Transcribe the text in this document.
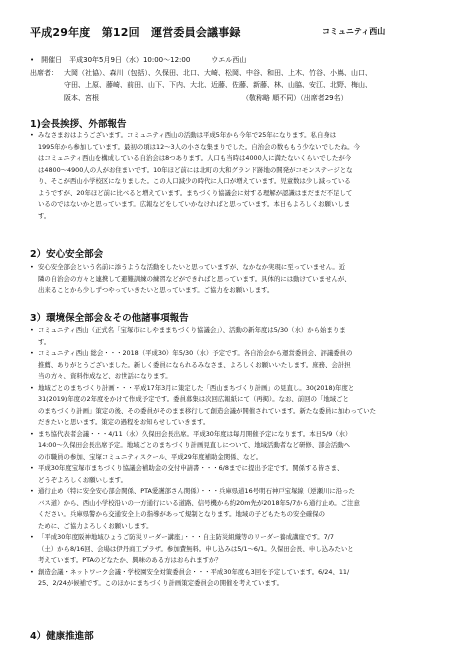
平成29年度　第12回　運営委員会議事録	コミュニティ西山
•　開催日　平成30年5月9日（水）10:00～12:00　　　ウエル西山
出席者： 大岡（社協）、森川（包括）、久保田、北口、大崎、松岡、中谷、和田、上木、竹谷、小嶌、山口、
守田、上原、藤崎、前田、山下、下内、大北、近藤、佐藤、新藤、林、山脇、安江、北野、梅山、
阪本、宮根	（敬称略 順不同）（出席者29名）
1)会長挨拶、外部報告
• みなさまおはようございます。コミュニティ西山の活動は平成5年から今年で25年になります。私自身は
1995年から参加しています。最初の頃は12～3人の小さな集まりでした。自治会の数ももう少ないでしたね。今
はコミュニティ西山を構成している自治会は8つあります。人口も当時は4000人に満たないくらいでしたが今
は4800～4900人の人がお住まいです。10年ほど前には北町の大和グランド跡地の開発がコモンステージとな
り、そこが西山小学校区になりました。この人口減少の時代に人口が増えています。児童数は少し減っている
ようですが、20年ほど前に比べると増えています。まちづくり協議会に対する理解が認識はまだまだ不足して
いるのではないかと思っています。広報などをしていかなければと思っています。本日もよろしくお願いしま
す。
2）安心安全部会
• 安心安全部会という名前に添うような活動をしたいと思っていますが、なかなか実現に至っていません。近
隣の自治会の方々と連携して避難訓練の練習などができればと思っています。具体的には動けていませんが、
出来ることから少しずつやっていきたいと思っています。ご協力をお願いします。
3）環境保全部会＆その他諸事項報告
• コミュニティ西山（正式名「宝塚市にしやままちづくり協議会」）、活動の新年度は5/30（水）から始まりま
す。
• コミュニティ西山 総会・・・2018（平成30）年5/30（水）予定です。各自治会から運営委員会、評議委員の
推薦、ありがとうございました。新しく委員になられるみなさま、よろしくお願いいたします。庶務、会計担
当の方々、資料作成など、お世話になります。
• 地域ごとのまちづくり計画・・・平成17年3月に策定した「西山まちづくり計画」の見直し。30(2018)年度と
31(2019)年度の2年度をかけて作成予定です。委員募集は次回広報紙にて（再掲）。なお、前回の「地域ごと
のまちづくり計画」策定の後、その委員がそのまま移行して創造会議が開催されています。新たな委員に加わっていた
だきたいと思います。策定の過程をお知らせしていきます。
• まち協代表者会議・・・4/11（水）久保田会長出席。平成30年度は毎月開催予定になります。本日5/9（水）
14:00～久保田会長出席予定。地域ごとのまちづくり計画見直しについて、地域活動者など研修、部会活動へ
の市職員の参加、宝塚コミュニティスクール、平成29年度補助金関係、など。
• 平成30年度宝塚市まちづくり協議会補助金の交付申請書・・・6/8までに提出予定です。関係する皆さま、
どうぞよろしくお願いします。
• 通行止め（特に安全安心部会関係、PTA愛護部さん関係）・・・兵庫県道16号明石神戸宝塚線（逆瀬川に沿った
バス道）から、西山小学校沿いの一方通行にいる道路、信号機から約20m先が2018年5/7から通行止め。ご注意
ください。兵庫県警から交通安全上の指導があって規制となります。地域の子どもたちの安全確保の
ために、ご協力よろしくお願いします。
• 「平成30年度阪神地域ひょうご防災リーダー講座」・・・自主防災組織等のリーダー養成講座です。7/7
（土）から8/16回、会場は伊丹商工プラザ。参加費無料。申し込みは5/1～6/1。久保田会長、申し込みたいと
考えています。PTAのどなたか、興味のある方はおられますか？
• 創造会議・ネットワーク会議・学校園安全対策委員会・・・平成30年度も3回を予定しています。6/24、11/
25、2/24が候補です。このほかにまちづくり計画策定委員会の開催を考えています。
4）健康推進部
